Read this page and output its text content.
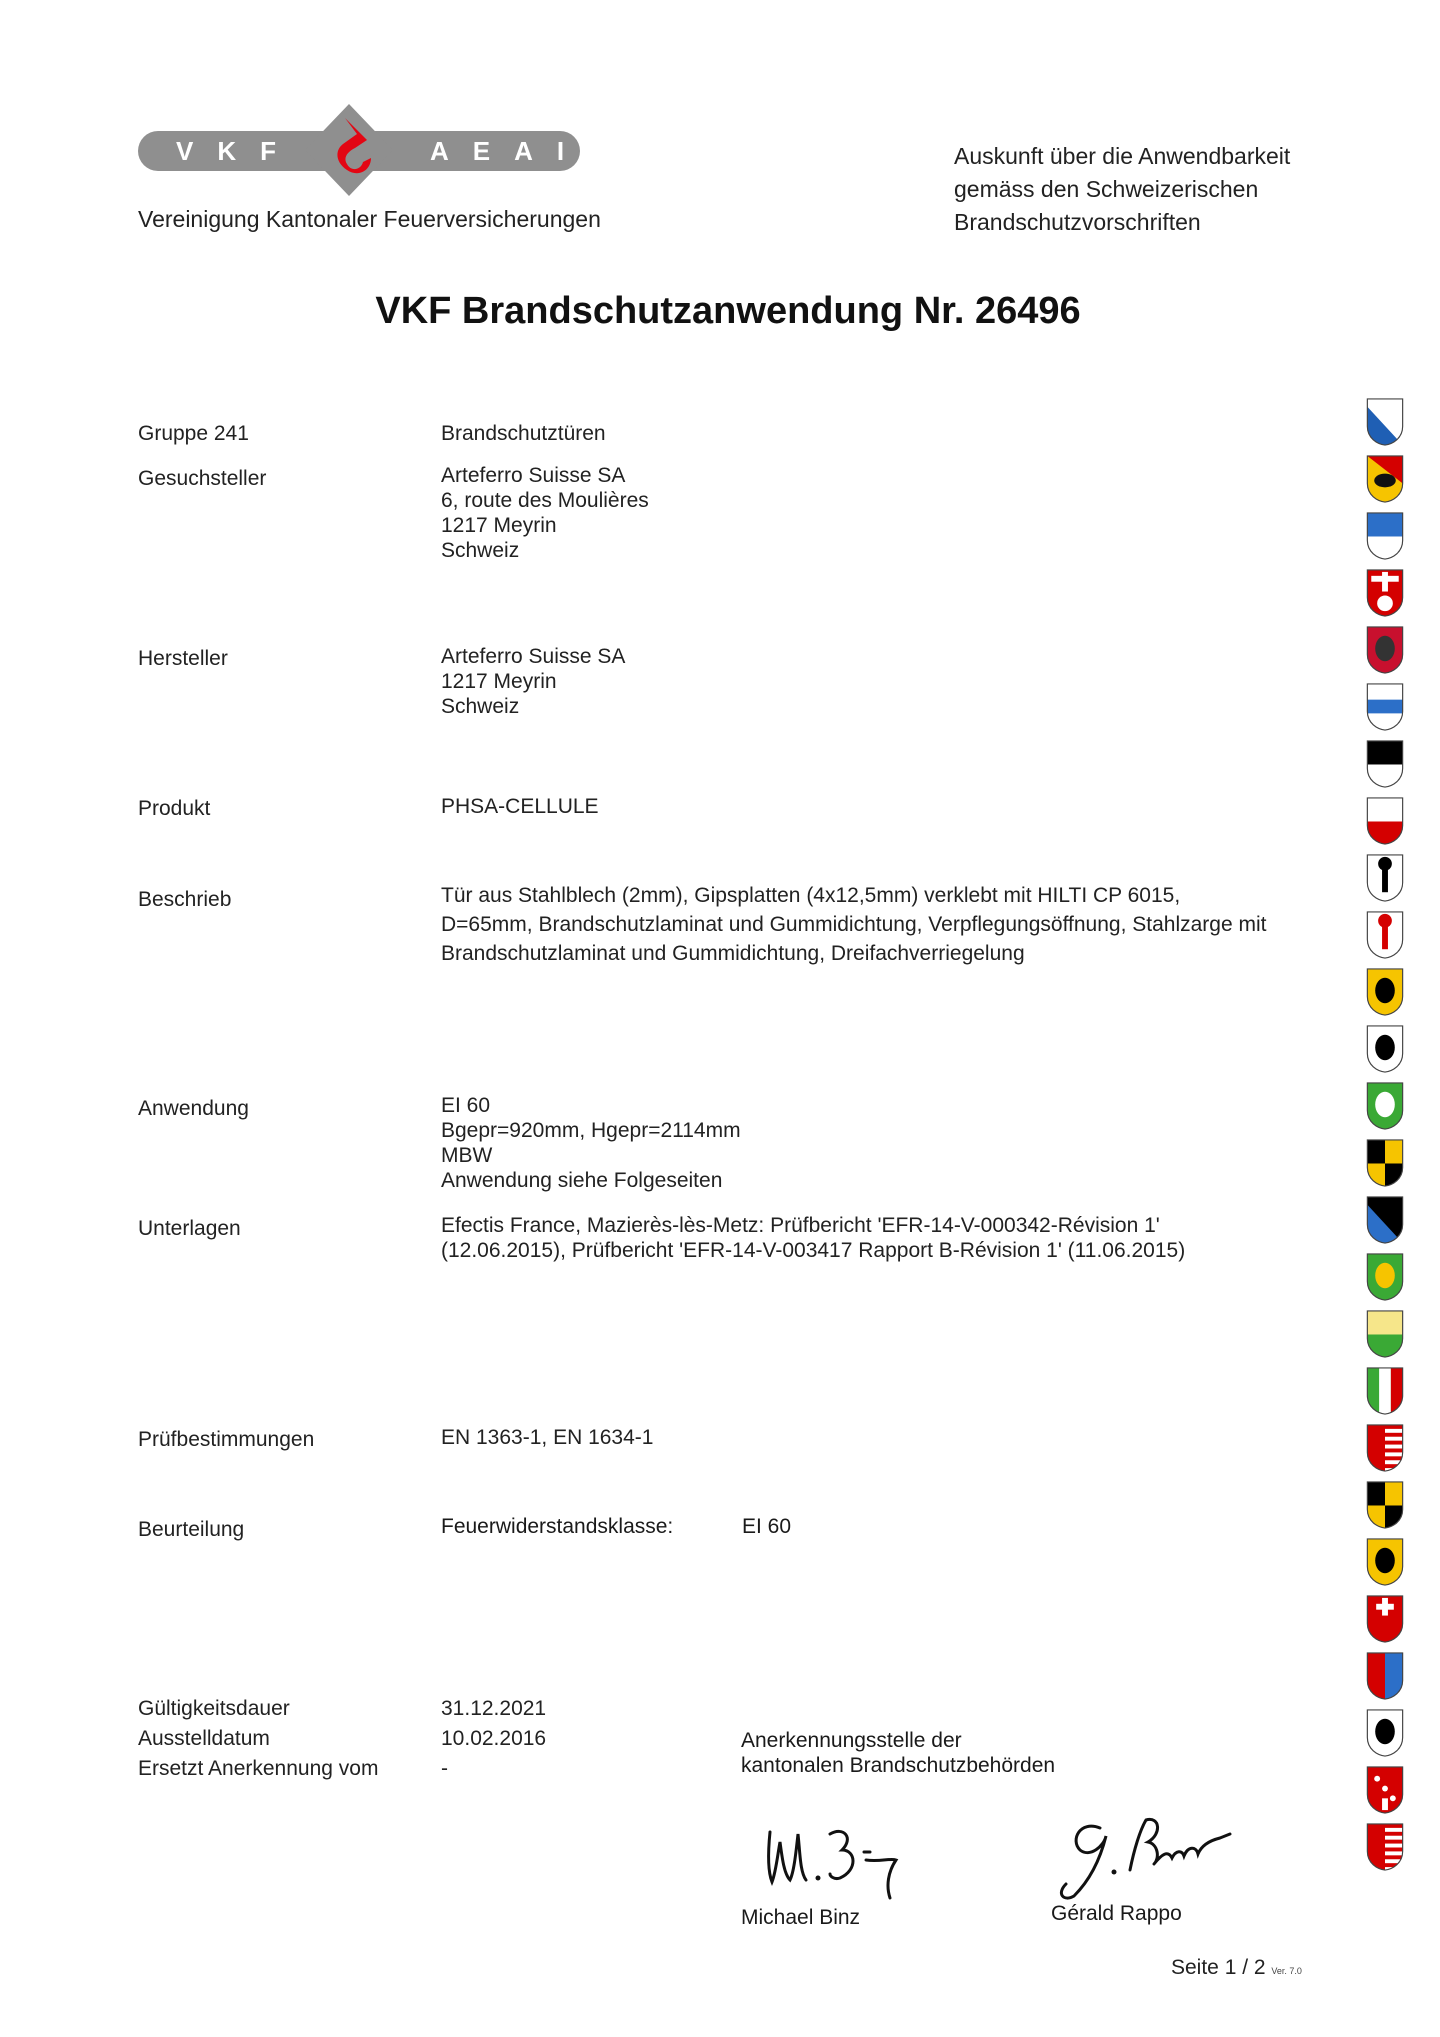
VKF	AEAI
Vereinigung Kantonaler Feuerversicherungen
Auskunft über die Anwendbarkeit
gemäss den Schweizerischen
Brandschutzvorschriften
VKF Brandschutzanwendung Nr. 26496
Gruppe 241	Brandschutztüren
Gesuchsteller	Arteferro Suisse SA
6, route des Moulières
1217 Meyrin
Schweiz
Hersteller	Arteferro Suisse SA
1217 Meyrin
Schweiz
Produkt	PHSA-CELLULE
Beschrieb	Tür aus Stahlblech (2mm), Gipsplatten (4x12,5mm) verklebt mit HILTI CP 6015,
D=65mm, Brandschutzlaminat und Gummidichtung, Verpflegungsöffnung, Stahlzarge mit
Brandschutzlaminat und Gummidichtung, Dreifachverriegelung
Anwendung	EI 60
Bgepr=920mm, Hgepr=2114mm
MBW
Anwendung siehe Folgeseiten
Unterlagen	Efectis France, Mazierès-lès-Metz: Prüfbericht 'EFR-14-V-000342-Révision 1'
(12.06.2015), Prüfbericht 'EFR-14-V-003417 Rapport B-Révision 1' (11.06.2015)
Prüfbestimmungen	EN 1363-1, EN 1634-1
Beurteilung	Feuerwiderstandsklasse:	EI 60
Gültigkeitsdauer	31.12.2021
Ausstelldatum	10.02.2016
Ersetzt Anerkennung vom	-
Anerkennungsstelle der
kantonalen Brandschutzbehörden
Michael Binz	Gérald Rappo
Seite 1 / 2 Ver. 7.0
